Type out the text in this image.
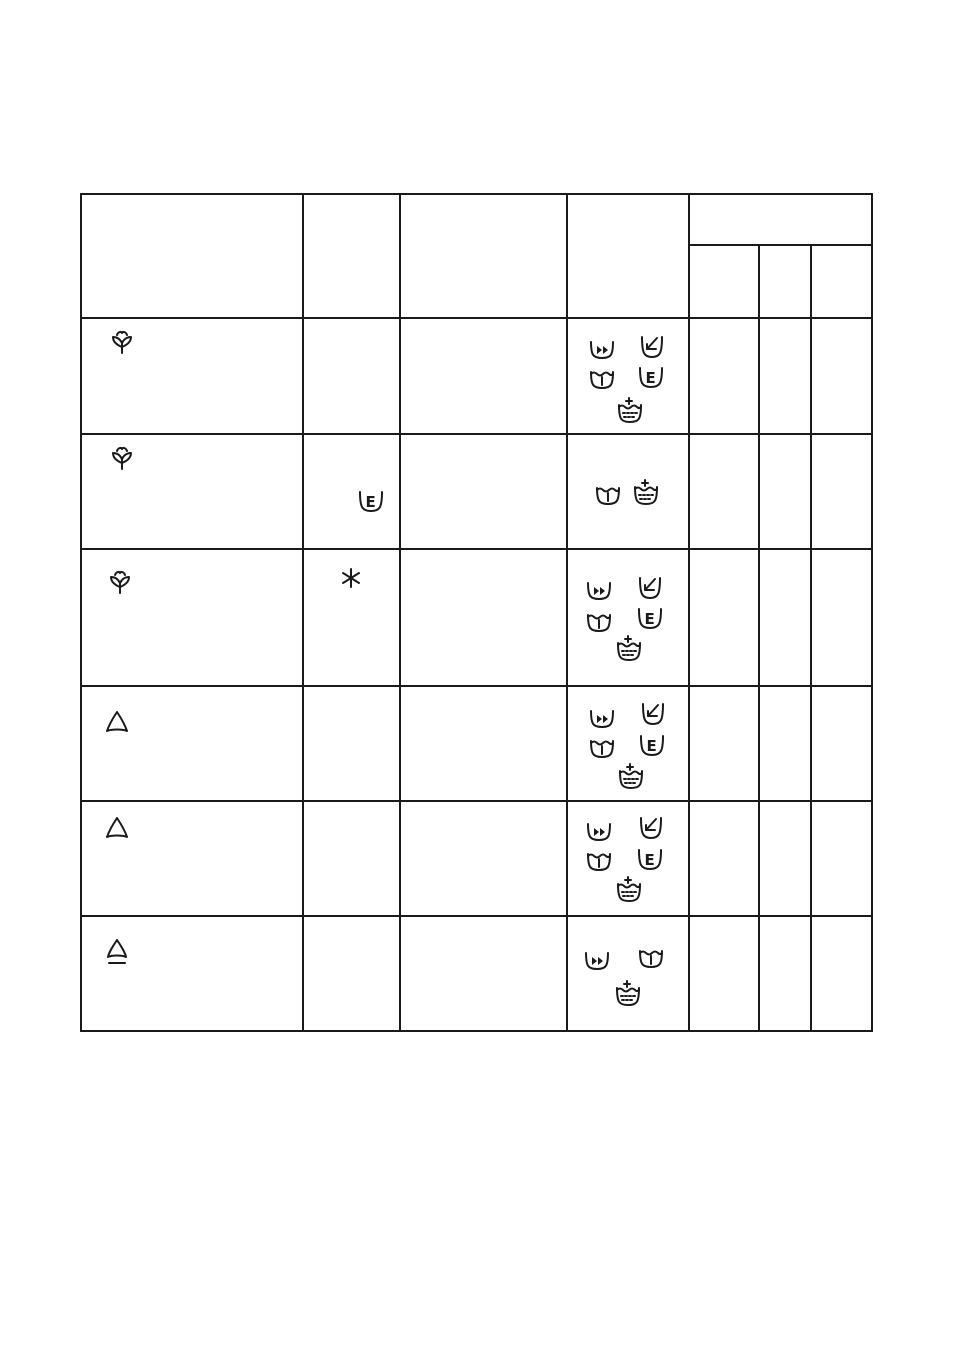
E
E
E
E
E
